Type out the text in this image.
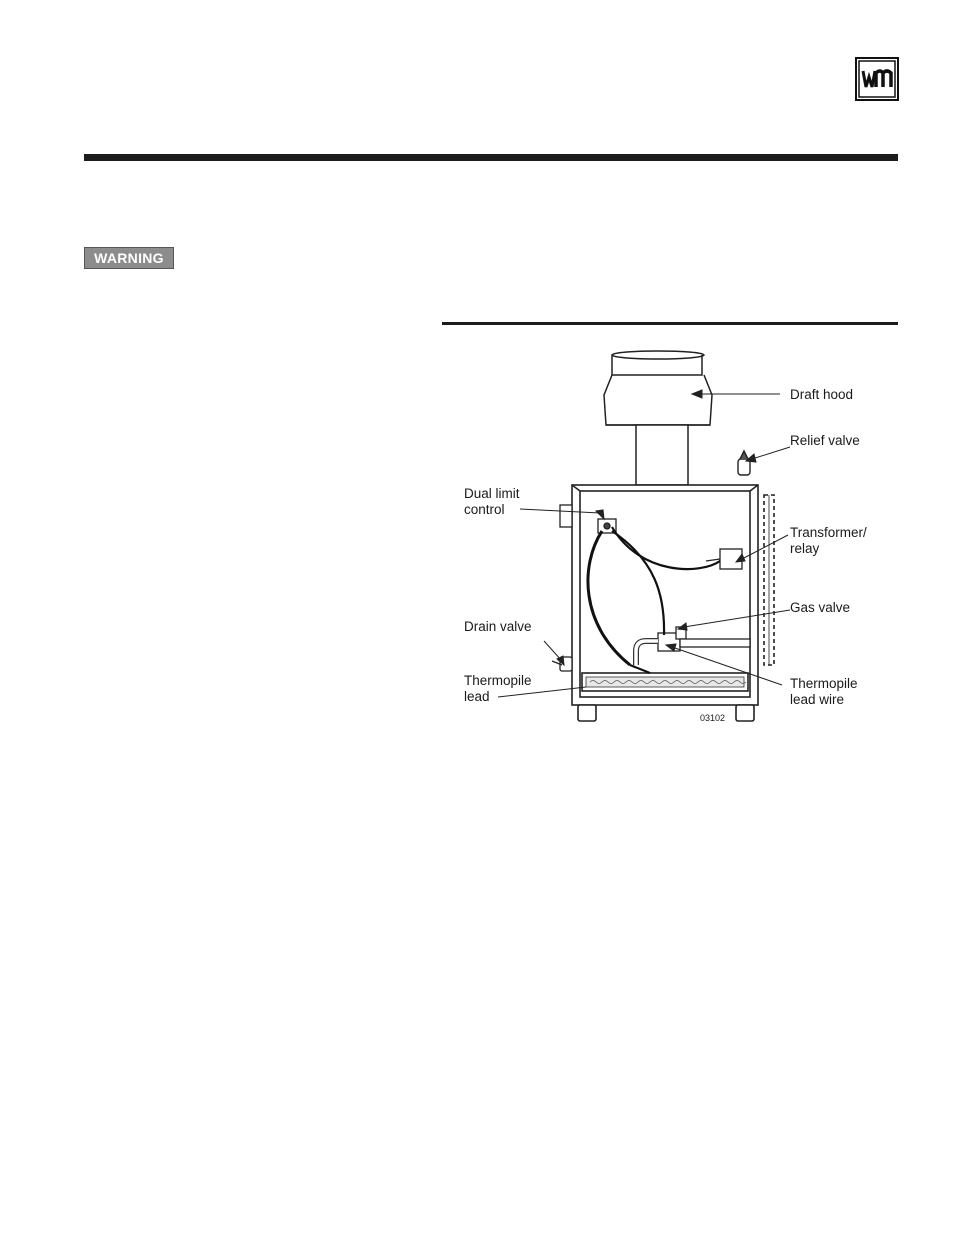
WARNING
Draft hood
Relief valve
Dual limit
control
Transformer/
relay
Gas valve
Drain valve
Thermopile
lead
Thermopile
lead wire
03102
